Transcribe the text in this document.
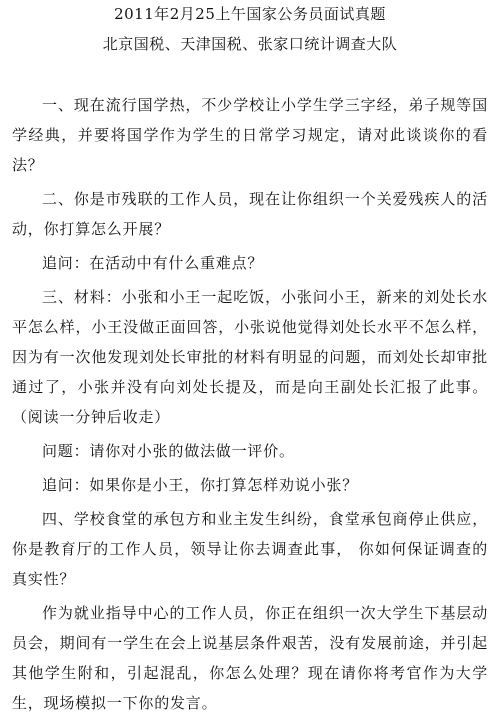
2011年2月25上午国家公务员面试真题
北京国税、天津国税、张家口统计调查大队

一、现在流行国学热，不少学校让小学生学三字经，弟子规等国学经典，并要将国学作为学生的日常学习规定，请对此谈谈你的看法？

二、你是市残联的工作人员，现在让你组织一个关爱残疾人的活动，你打算怎么开展？

追问：在活动中有什么重难点？

三、材料：小张和小王一起吃饭，小张问小王，新来的刘处长水平怎么样，小王没做正面回答，小张说他觉得刘处长水平不怎么样，因为有一次他发现刘处长审批的材料有明显的问题，而刘处长却审批通过了，小张并没有向刘处长提及，而是向王副处长汇报了此事。（阅读一分钟后收走）

问题：请你对小张的做法做一评价。

追问：如果你是小王，你打算怎样劝说小张？

四、学校食堂的承包方和业主发生纠纷，食堂承包商停止供应，你是教育厅的工作人员，领导让你去调查此事， 你如何保证调查的真实性？

作为就业指导中心的工作人员，你正在组织一次大学生下基层动员会，期间有一学生在会上说基层条件艰苦，没有发展前途，并引起其他学生附和，引起混乱，你怎么处理？现在请你将考官作为大学生，现场模拟一下你的发言。
